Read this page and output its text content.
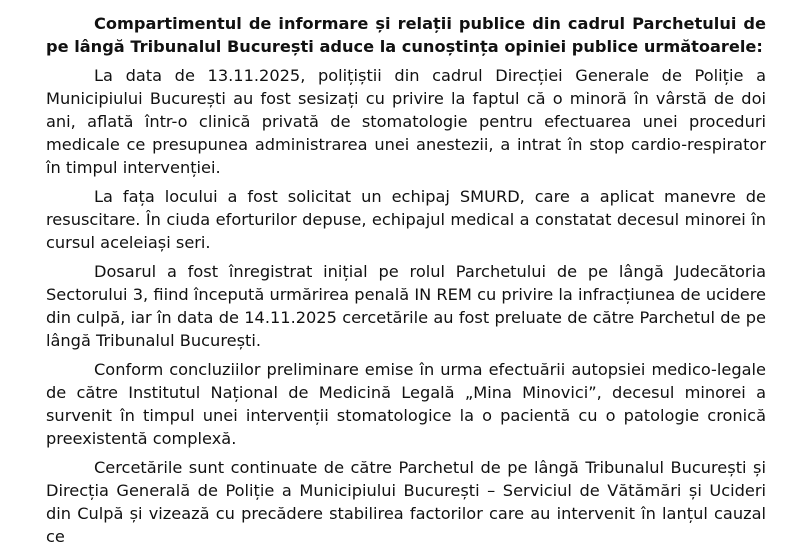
Compartimentul de informare și relații publice din cadrul Parchetului de pe lângă Tribunalul București aduce la cunoștința opiniei publice următoarele:

La data de 13.11.2025, polițiștii din cadrul Direcției Generale de Poliție a Municipiului București au fost sesizați cu privire la faptul că o minoră în vârstă de doi ani, aflată într-o clinică privată de stomatologie pentru efectuarea unei proceduri medicale ce presupunea administrarea unei anestezii, a intrat în stop cardio-respirator în timpul intervenției.

La fața locului a fost solicitat un echipaj SMURD, care a aplicat manevre de resuscitare. În ciuda eforturilor depuse, echipajul medical a constatat decesul minorei în cursul aceleiași seri.

Dosarul a fost înregistrat inițial pe rolul Parchetului de pe lângă Judecătoria Sectorului 3, fiind începută urmărirea penală IN REM cu privire la infracțiunea de ucidere din culpă, iar în data de 14.11.2025 cercetările au fost preluate de către Parchetul de pe lângă Tribunalul București.

Conform concluziilor preliminare emise în urma efectuării autopsiei medico-legale de către Institutul Național de Medicină Legală „Mina Minovici”, decesul minorei a survenit în timpul unei intervenții stomatologice la o pacientă cu o patologie cronică preexistentă complexă.

Cercetările sunt continuate de către Parchetul de pe lângă Tribunalul București și Direcția Generală de Poliție a Municipiului București – Serviciul de Vătămări și Ucideri din Culpă și vizează cu precădere stabilirea factorilor care au intervenit în lanțul cauzal ce
